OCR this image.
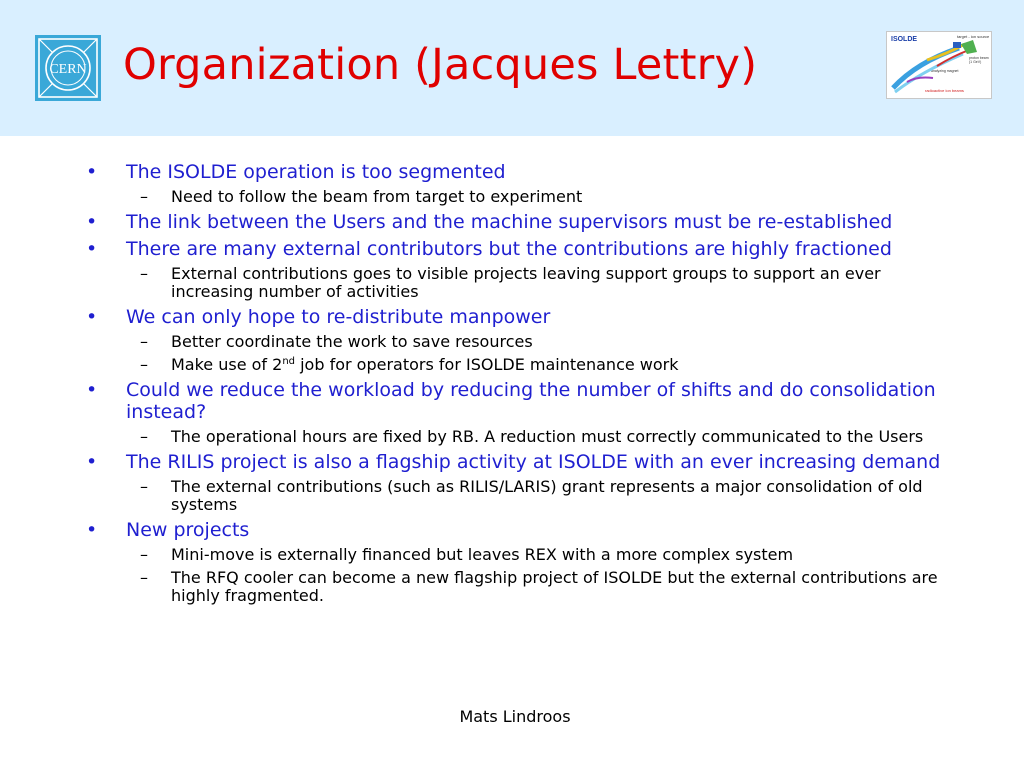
CERN Organization (Jacques Lettry)
ISOLDE	target - ion source
proton beam
(1 GeV)
analyzing magnet
radioactive ion beams
•	The ISOLDE operation is too segmented
– Need to follow the beam from target to experiment
•	The link between the Users and the machine supervisors must be re-established
•	There are many external contributors but the contributions are highly fractioned
– External contributions goes to visible projects leaving support groups to support an ever increasing number of activities
•	We can only hope to re-distribute manpower
– Better coordinate the work to save resources
– Make use of 2nd job for operators for ISOLDE maintenance work
•	Could we reduce the workload by reducing the number of shifts and do consolidation instead?
– The operational hours are fixed by RB. A reduction must correctly communicated to the Users
•	The RILIS project is also a flagship activity at ISOLDE with an ever increasing demand
– The external contributions (such as RILIS/LARIS) grant represents a major consolidation of old systems
•	New projects
– Mini-move is externally financed but leaves REX with a more complex system
– The RFQ cooler can become a new flagship project of ISOLDE but the external contributions are highly fragmented.
Mats Lindroos
